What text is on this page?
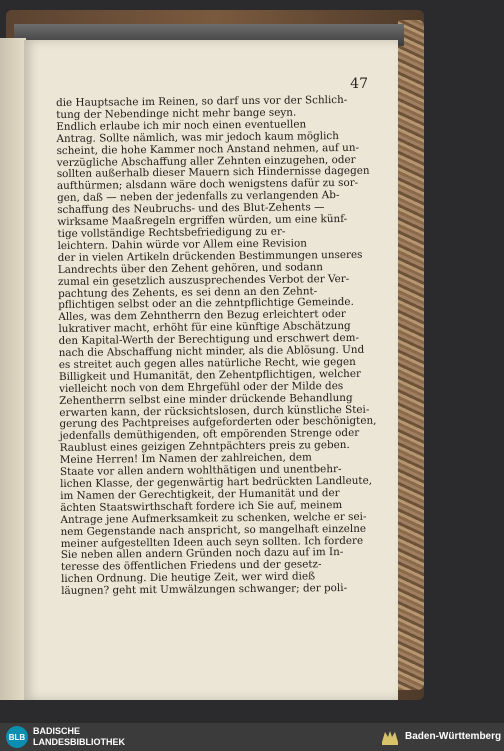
47
die Hauptsache im Reinen, so darf uns vor der Schlich-
tung der Nebendinge nicht mehr bange seyn.
Endlich erlaube ich mir noch einen eventuellen
Antrag. Sollte nämlich, was mir jedoch kaum möglich
scheint, die hohe Kammer noch Anstand nehmen, auf un-
verzügliche Abschaffung aller Zehnten einzugehen, oder
sollten außerhalb dieser Mauern sich Hindernisse dagegen
aufthürmen; alsdann wäre doch wenigstens dafür zu sor-
gen, daß — neben der jedenfalls zu verlangenden Ab-
schaffung des Neubruchs- und des Blut-Zehents —
wirksame Maaßregeln ergriffen würden, um eine künf-
tige vollständige Rechtsbefriedigung zu er-
leichtern. Dahin würde vor Allem eine Revision
der in vielen Artikeln drückenden Bestimmungen unseres
Landrechts über den Zehent gehören, und sodann
zumal ein gesetzlich auszusprechendes Verbot der Ver-
pachtung des Zehents, es sei denn an den Zehnt-
pflichtigen selbst oder an die zehntpflichtige Gemeinde.
Alles, was dem Zehntherrn den Bezug erleichtert oder
lukrativer macht, erhöht für eine künftige Abschätzung
den Kapital-Werth der Berechtigung und erschwert dem-
nach die Abschaffung nicht minder, als die Ablösung. Und
es streitet auch gegen alles natürliche Recht, wie gegen
Billigkeit und Humanität, den Zehentpflichtigen, welcher
vielleicht noch von dem Ehrgefühl oder der Milde des
Zehentherrn selbst eine minder drückende Behandlung
erwarten kann, der rücksichtslosen, durch künstliche Stei-
gerung des Pachtpreises aufgeforderten oder beschönigten,
jedenfalls demüthigenden, oft empörenden Strenge oder
Raublust eines geizigen Zehntpächters preis zu geben.
Meine Herren! Im Namen der zahlreichen, dem
Staate vor allen andern wohlthätigen und unentbehr-
lichen Klasse, der gegenwärtig hart bedrückten Landleute,
im Namen der Gerechtigkeit, der Humanität und der
ächten Staatswirthschaft fordere ich Sie auf, meinem
Antrage jene Aufmerksamkeit zu schenken, welche er sei-
nem Gegenstande nach anspricht, so mangelhaft einzelne
meiner aufgestellten Ideen auch seyn sollten. Ich fordere
Sie neben allen andern Gründen noch dazu auf im In-
teresse des öffentlichen Friedens und der gesetz-
lichen Ordnung. Die heutige Zeit, wer wird dieß
läugnen? geht mit Umwälzungen schwanger; der poli-
BLB
BADISCHE
LANDESBIBLIOTHEK	Baden-Württemberg
